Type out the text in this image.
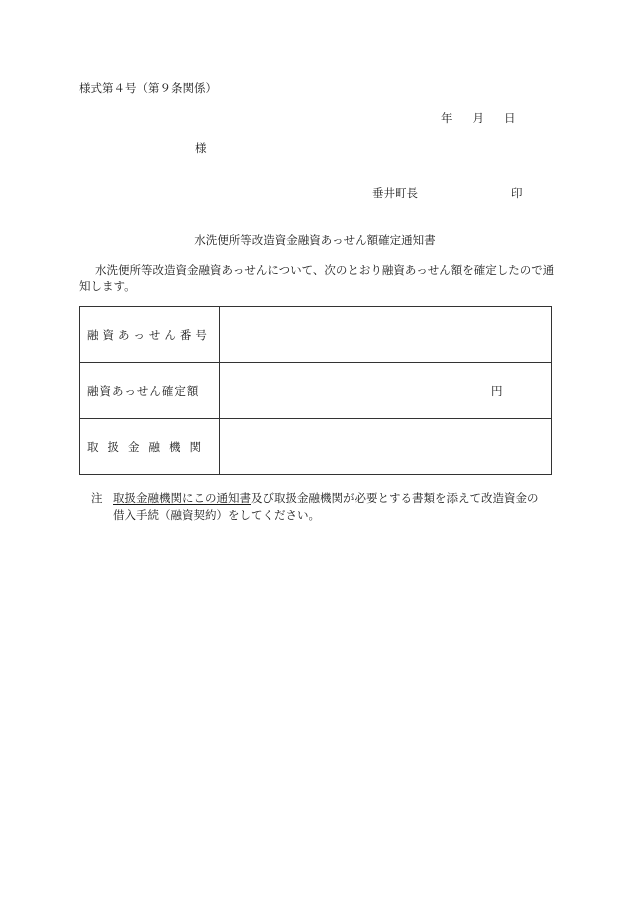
様式第４号（第９条関係）
年 月 日
様
垂井町長	印
水洗便所等改造資金融資あっせん額確定通知書
水洗便所等改造資金融資あっせんについて、次のとおり融資あっせん額を確定したので通知します。
融資あっせん番号	
融資あっせん確定額	円

取扱金融機関	
注 取扱金融機関にこの通知書及び取扱金融機関が必要とする書類を添えて改造資金の
借入手続（融資契約）をしてください。
